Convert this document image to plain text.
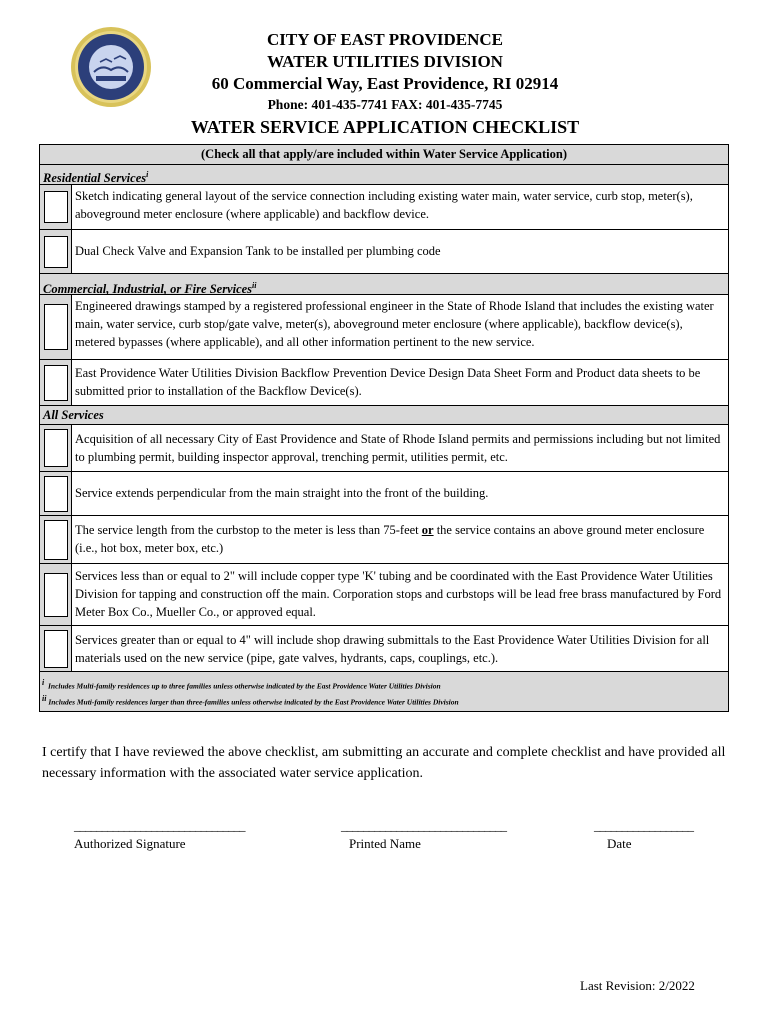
CITY OF EAST PROVIDENCE
WATER UTILITIES DIVISION
60 Commercial Way, East Providence, RI 02914
Phone: 401-435-7741 FAX: 401-435-7745
WATER SERVICE APPLICATION CHECKLIST
(Check all that apply/are included within Water Service Application)
Residential Services$^i$
Sketch indicating general layout of the service connection including existing water main, water service, curb stop, meter(s), aboveground meter enclosure (where applicable) and backflow device.
Dual Check Valve and Expansion Tank to be installed per plumbing code
Commercial, Industrial, or Fire Services$^{ii}$
Engineered drawings stamped by a registered professional engineer in the State of Rhode Island that includes the existing water main, water service, curb stop/gate valve, meter(s), aboveground meter enclosure (where applicable), backflow device(s), metered bypasses (where applicable), and all other information pertinent to the new service.
East Providence Water Utilities Division Backflow Prevention Device Design Data Sheet Form and Product data sheets to be submitted prior to installation of the Backflow Device(s).
All Services
Acquisition of all necessary City of East Providence and State of Rhode Island permits and permissions including but not limited to plumbing permit, building inspector approval, trenching permit, utilities permit, etc.
Service extends perpendicular from the main straight into the front of the building.
The service length from the curbstop to the meter is less than 75-feet or the service contains an above ground meter enclosure (i.e., hot box, meter box, etc.)
Services less than or equal to 2" will include copper type 'K' tubing and be coordinated with the East Providence Water Utilities Division for tapping and construction off the main. Corporation stops and curbstops will be lead free brass manufactured by Ford Meter Box Co., Mueller Co., or approved equal.
Services greater than or equal to 4" will include shop drawing submittals to the East Providence Water Utilities Division for all materials used on the new service (pipe, gate valves, hydrants, caps, couplings, etc.).
$^i$ Includes Multi-family residences up to three families unless otherwise indicated by the East Providence Water Utilities Division
$^{ii}$ Includes Muti-family residences larger than three-families unless otherwise indicated by the East Providence Water Utilities Division
I certify that I have reviewed the above checklist, am submitting an accurate and complete checklist and have provided all necessary information with the associated water service application.
_______________________________	______________________________	__________________
Authorized Signature	Printed Name	Date
Last Revision: 2/2022
